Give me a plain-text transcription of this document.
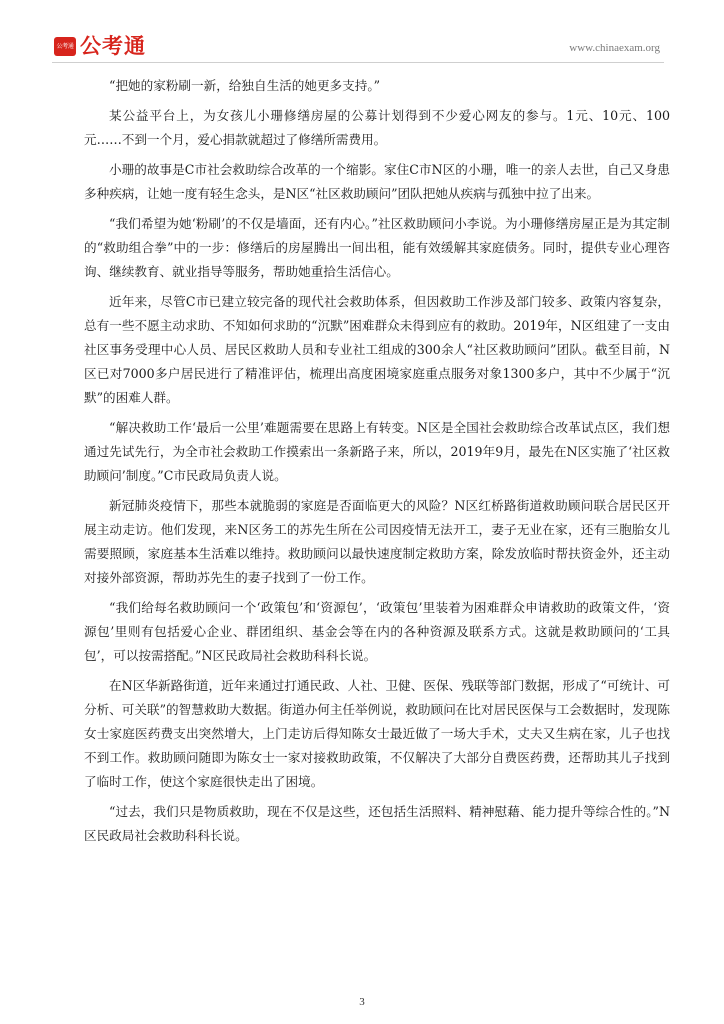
公考通 公考通	www.chinaexam.org

“把她的家粉刷一新，给独自生活的她更多支持。”

某公益平台上，为女孩儿小珊修缮房屋的公募计划得到不少爱心网友的参与。1元、10元、100元……不到一个月，爱心捐款就超过了修缮所需费用。

小珊的故事是C市社会救助综合改革的一个缩影。家住C市N区的小珊，唯一的亲人去世，自己又身患多种疾病，让她一度有轻生念头，是N区“社区救助顾问”团队把她从疾病与孤独中拉了出来。

“我们希望为她‘粉刷’的不仅是墙面，还有内心。”社区救助顾问小李说。为小珊修缮房屋正是为其定制的“救助组合拳”中的一步：修缮后的房屋腾出一间出租，能有效缓解其家庭债务。同时，提供专业心理咨询、继续教育、就业指导等服务，帮助她重拾生活信心。

近年来，尽管C市已建立较完备的现代社会救助体系，但因救助工作涉及部门较多、政策内容复杂，总有一些不愿主动求助、不知如何求助的“沉默”困难群众未得到应有的救助。2019年，N区组建了一支由社区事务受理中心人员、居民区救助人员和专业社工组成的300余人“社区救助顾问”团队。截至目前，N区已对7000多户居民进行了精准评估，梳理出高度困境家庭重点服务对象1300多户，其中不少属于“沉默”的困难人群。

“解决救助工作‘最后一公里’难题需要在思路上有转变。N区是全国社会救助综合改革试点区，我们想通过先试先行，为全市社会救助工作摸索出一条新路子来，所以，2019年9月，最先在N区实施了‘社区救助顾问’制度。”C市民政局负责人说。

新冠肺炎疫情下，那些本就脆弱的家庭是否面临更大的风险？N区红桥路街道救助顾问联合居民区开展主动走访。他们发现，来N区务工的苏先生所在公司因疫情无法开工，妻子无业在家，还有三胞胎女儿需要照顾，家庭基本生活难以维持。救助顾问以最快速度制定救助方案，除发放临时帮扶资金外，还主动对接外部资源，帮助苏先生的妻子找到了一份工作。

“我们给每名救助顾问一个‘政策包’和‘资源包’，‘政策包’里装着为困难群众申请救助的政策文件，‘资源包’里则有包括爱心企业、群团组织、基金会等在内的各种资源及联系方式。这就是救助顾问的‘工具包’，可以按需搭配。”N区民政局社会救助科科长说。

在N区华新路街道，近年来通过打通民政、人社、卫健、医保、残联等部门数据，形成了“可统计、可分析、可关联”的智慧救助大数据。街道办何主任举例说，救助顾问在比对居民医保与工会数据时，发现陈女士家庭医药费支出突然增大，上门走访后得知陈女士最近做了一场大手术，丈夫又生病在家，儿子也找不到工作。救助顾问随即为陈女士一家对接救助政策，不仅解决了大部分自费医药费，还帮助其儿子找到了临时工作，使这个家庭很快走出了困境。

“过去，我们只是物质救助，现在不仅是这些，还包括生活照料、精神慰藉、能力提升等综合性的。”N区民政局社会救助科科长说。

3
